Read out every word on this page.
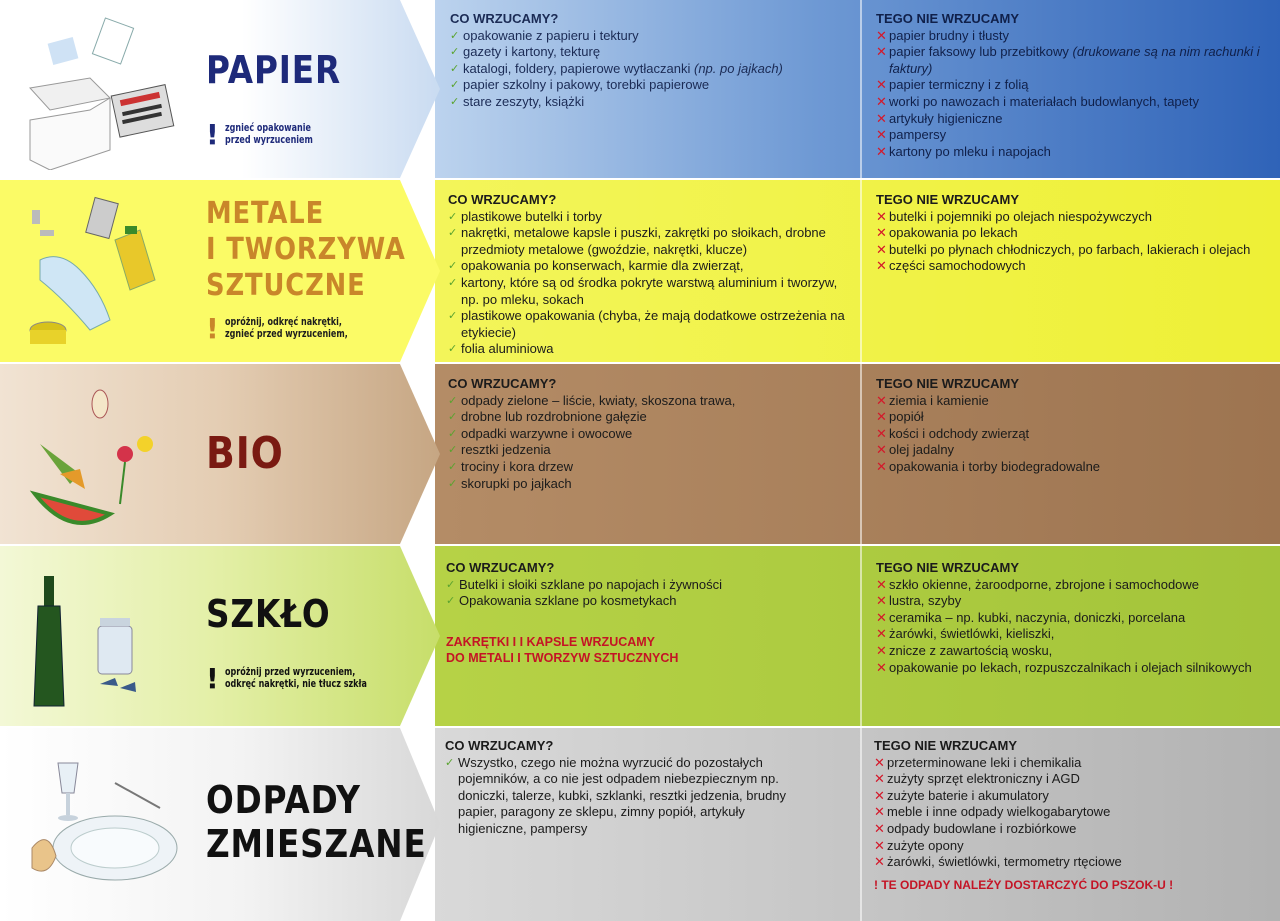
PAPIER
! zgnieć opakowanie
przed wyrzuceniem
CO WRZUCAMY?
✓ opakowanie z papieru i tektury
✓ gazety i kartony, tekturę
✓ katalogi, foldery, papierowe wytłaczanki (np. po jajkach)
✓ papier szkolny i pakowy, torebki papierowe
✓ stare zeszyty, książki
TEGO NIE WRZUCAMY
✕ papier brudny i tłusty
✕ papier faksowy lub przebitkowy (drukowane są na nim rachunki i faktury)
✕ papier termiczny i z folią
✕ worki po nawozach i materiałach budowlanych, tapety
✕ artykuły higieniczne
✕ pampersy
✕ kartony po mleku i napojach
METALE
I TWORZYWA
SZTUCZNE
! opróżnij, odkręć nakrętki,
zgnieć przed wyrzuceniem,
CO WRZUCAMY?
✓ plastikowe butelki i torby
✓ nakrętki, metalowe kapsle i puszki, zakrętki po słoikach, drobne przedmioty metalowe (gwoździe, nakrętki, klucze)
✓ opakowania po konserwach, karmie dla zwierząt,
✓ kartony, które są od środka pokryte warstwą aluminium i tworzyw, np. po mleku, sokach
✓ plastikowe opakowania (chyba, że mają dodatkowe ostrzeżenia na etykiecie)
✓ folia aluminiowa
TEGO NIE WRZUCAMY
✕ butelki i pojemniki po olejach niespożywczych
✕ opakowania po lekach
✕ butelki po płynach chłodniczych, po farbach, lakierach i olejach
✕ części samochodowych
BIO
CO WRZUCAMY?
✓ odpady zielone – liście, kwiaty, skoszona trawa,
✓ drobne lub rozdrobnione gałęzie
✓ odpadki warzywne i owocowe
✓ resztki jedzenia
✓ trociny i kora drzew
✓ skorupki po jajkach
TEGO NIE WRZUCAMY
✕ ziemia i kamienie
✕ popiół
✕ kości i odchody zwierząt
✕ olej jadalny
✕ opakowania i torby biodegradowalne
SZKŁO
! opróżnij przed wyrzuceniem,
odkręć nakrętki, nie tłucz szkła
CO WRZUCAMY?
✓ Butelki i słoiki szklane po napojach i żywności
✓ Opakowania szklane po kosmetykach
ZAKRĘTKI I I KAPSLE WRZUCAMY
DO METALI I TWORZYW SZTUCZNYCH
TEGO NIE WRZUCAMY
✕ szkło okienne, żaroodporne, zbrojone i samochodowe
✕ lustra, szyby
✕ ceramika – np. kubki, naczynia, doniczki, porcelana
✕ żarówki, świetlówki, kieliszki,
✕ znicze z zawartością wosku,
✕ opakowanie po lekach, rozpuszczalnikach i olejach silnikowych
ODPADY
ZMIESZANE
CO WRZUCAMY?
✓ Wszystko, czego nie można wyrzucić do pozostałych pojemników, a co nie jest odpadem niebezpiecznym np. doniczki, talerze, kubki, szklanki, resztki jedzenia, brudny papier, paragony ze sklepu, zimny popiół, artykuły higieniczne, pampersy
TEGO NIE WRZUCAMY
✕ przeterminowane leki i chemikalia
✕ zużyty sprzęt elektroniczny i AGD
✕ zużyte baterie i akumulatory
✕ meble i inne odpady wielkogabarytowe
✕ odpady budowlane i rozbiórkowe
✕ zużyte opony
✕ żarówki, świetlówki, termometry rtęciowe
! TE ODPADY NALEŻY DOSTARCZYĆ DO PSZOK-U !
